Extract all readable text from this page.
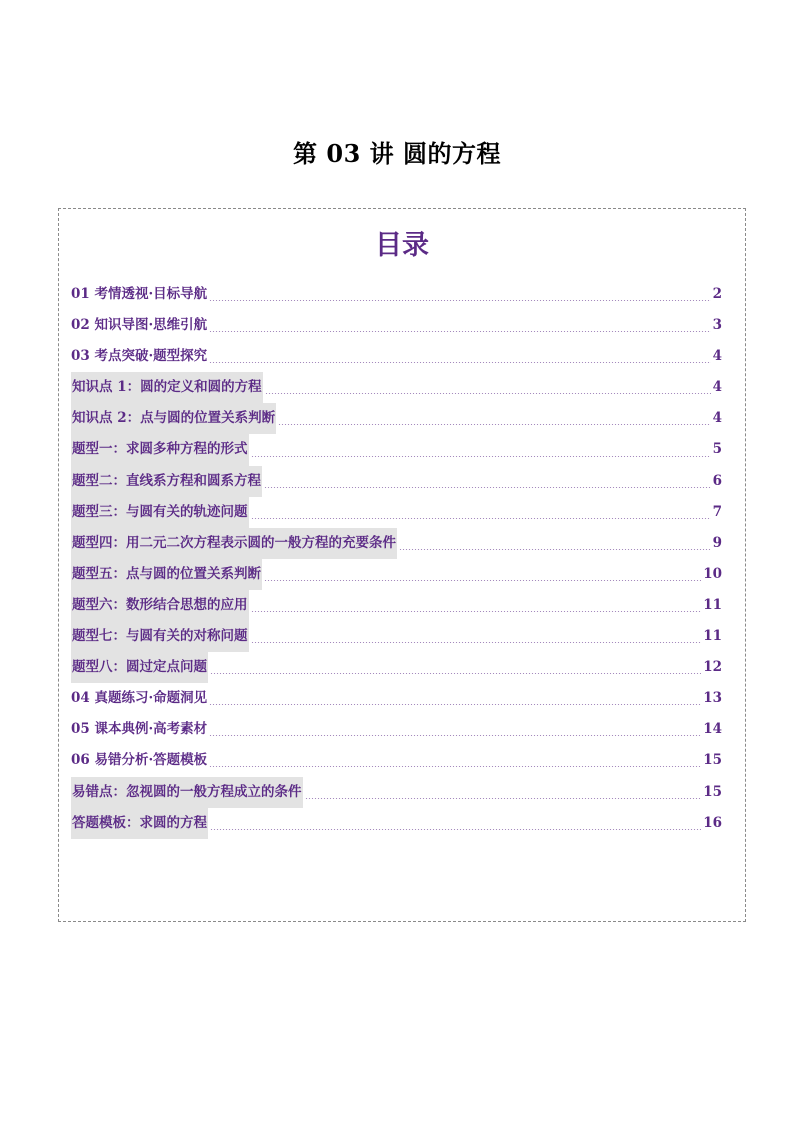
第 03 讲 圆的方程
目录
01 考情透视·目标导航	2
02 知识导图·思维引航	3
03 考点突破·题型探究	4
知识点 1：圆的定义和圆的方程	4
知识点 2：点与圆的位置关系判断	4
题型一：求圆多种方程的形式	5
题型二：直线系方程和圆系方程	6
题型三：与圆有关的轨迹问题	7
题型四：用二元二次方程表示圆的一般方程的充要条件	9
题型五：点与圆的位置关系判断	10
题型六：数形结合思想的应用	11
题型七：与圆有关的对称问题	11
题型八：圆过定点问题	12
04 真题练习·命题洞见	13
05 课本典例·高考素材	14
06 易错分析·答题模板	15
易错点：忽视圆的一般方程成立的条件	15
答题模板：求圆的方程	16
